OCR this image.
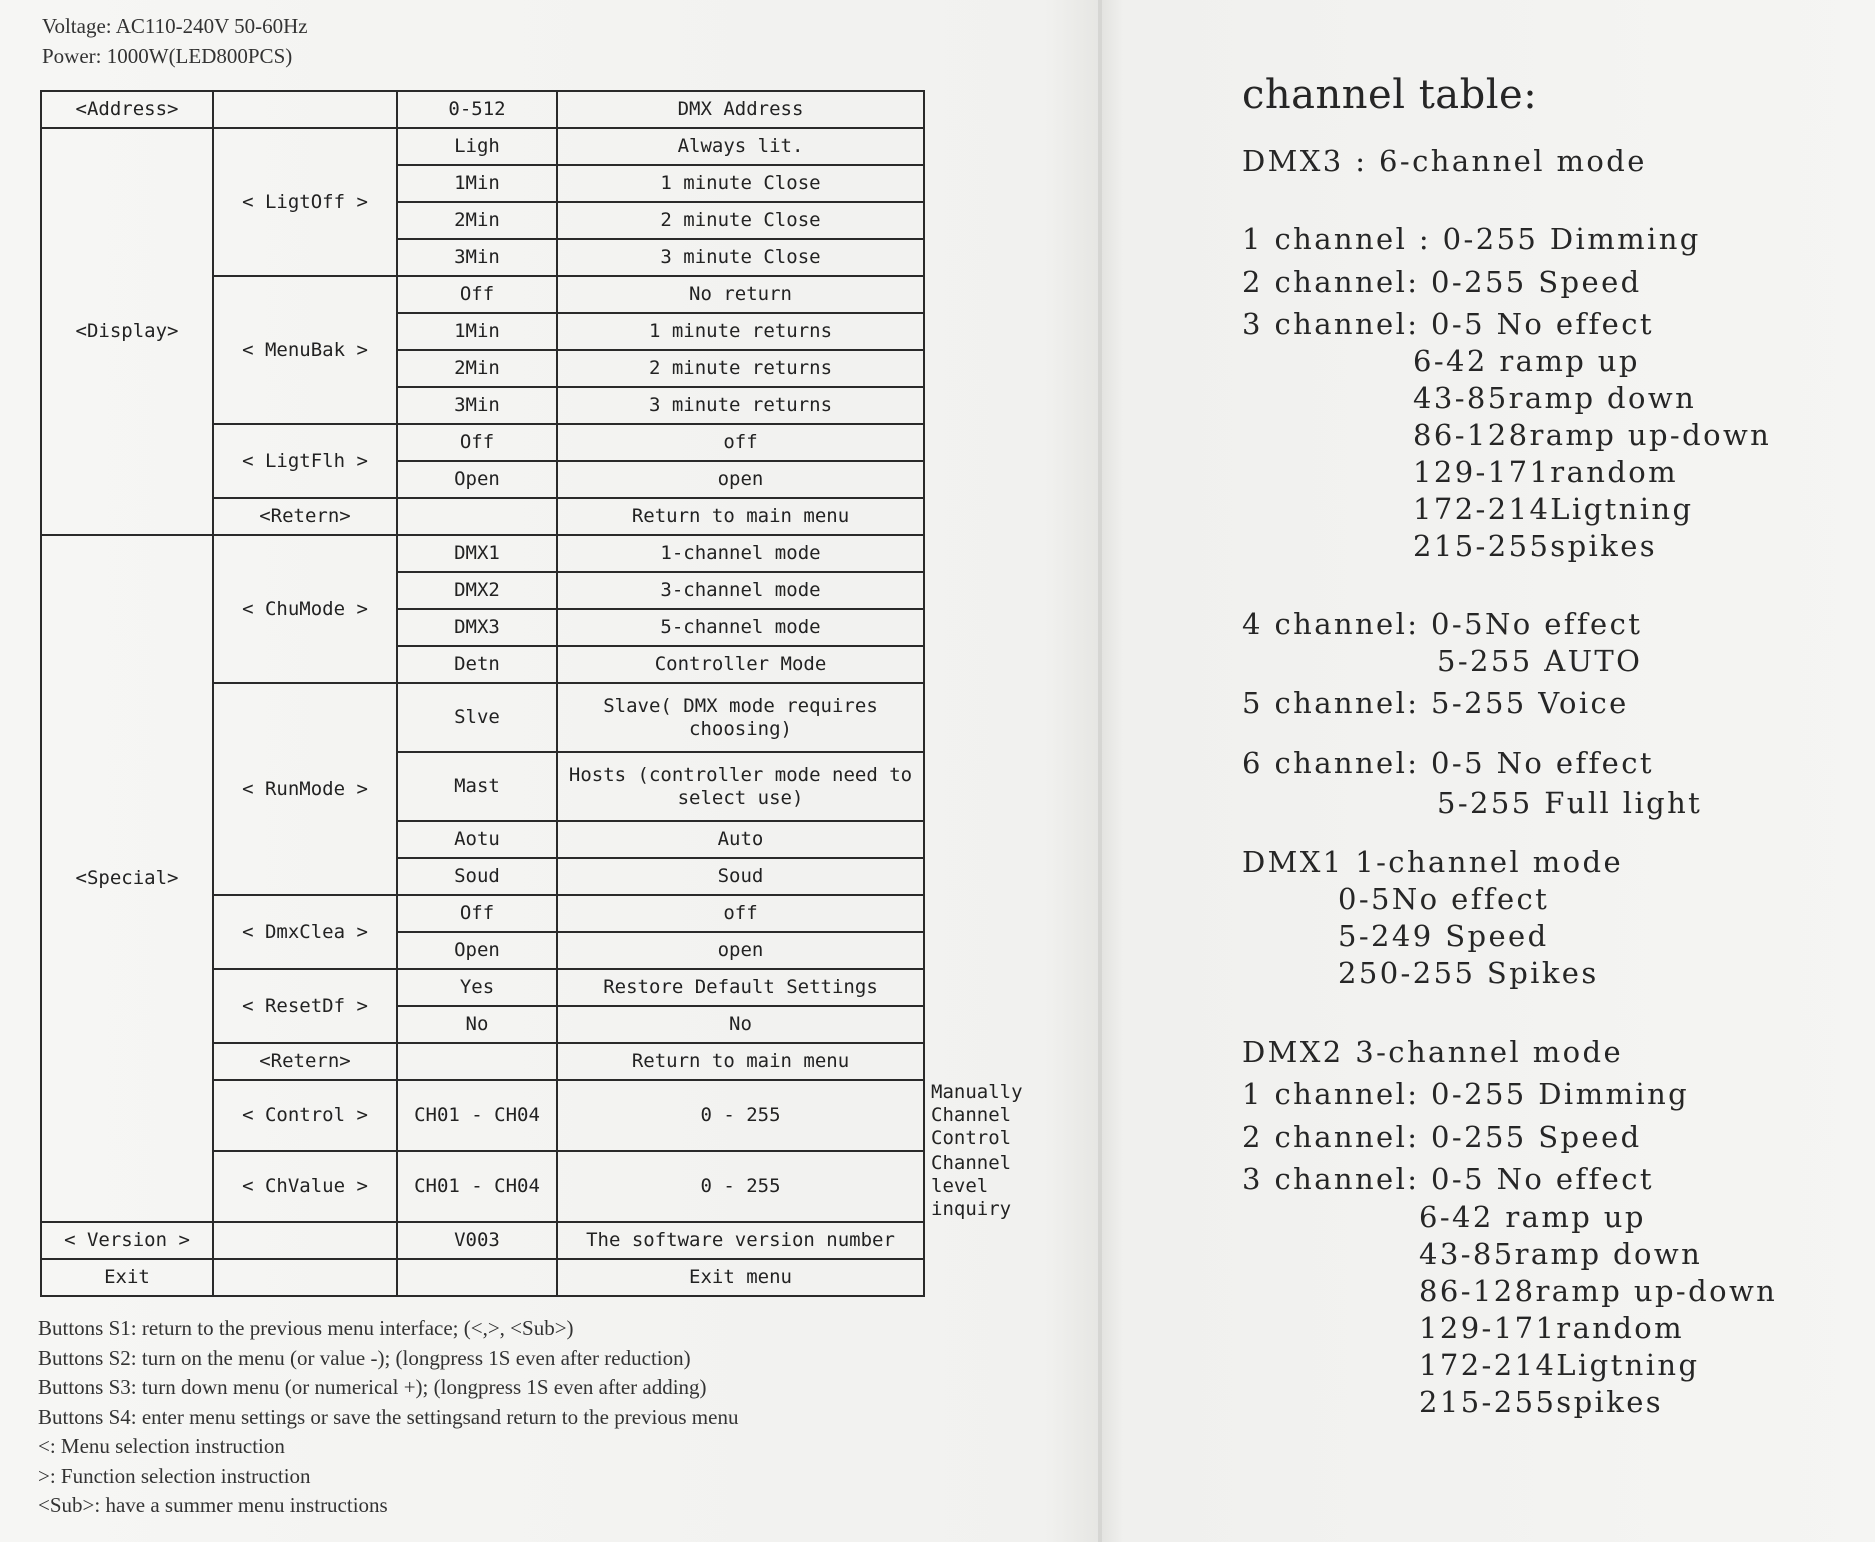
Voltage: AC110-240V 50-60Hz
Power: 1000W(LED800PCS)
<Address>		0-512	DMX Address	
<Display>	< LigtOff >	Ligh	Always lit.	
		1Min	1 minute Close	
		2Min	2 minute Close	
		3Min	3 minute Close	
	< MenuBak >	Off	No return	
		1Min	1 minute returns	
		2Min	2 minute returns	
		3Min	3 minute returns	
	< LigtFlh >	Off	off	
		Open	open	
	<Retern>		Return to main menu	
<Special>	< ChuMode >	DMX1	1-channel mode	
		DMX2	3-channel mode	
		DMX3	5-channel mode	
		Detn	Controller Mode	
	< RunMode >	Slve	Slave( DMX mode requires choosing)	
		Mast	Hosts (controller mode need to select use)	
		Aotu	Auto	
		Soud	Soud	
	< DmxClea >	Off	off	
		Open	open	
	< ResetDf >	Yes	Restore Default Settings	
		No	No	
	<Retern>		Return to main menu	
	< Control >	CH01 - CH04	0 - 255	
	< ChValue >	CH01 - CH04	0 - 255	
< Version >		V003	The software version number	
Exit			Exit menu	
Buttons S1: return to the previous menu interface; (<,>, <Sub>)
Buttons S2: turn on the menu (or value -); (longpress 1S even after reduction)
Buttons S3: turn down menu (or numerical +); (longpress 1S even after adding)
Buttons S4: enter menu settings or save the settingsand return to the previous menu
<: Menu selection instruction
>: Function selection instruction
<Sub>: have a summer menu instructions
channel table:
DMX3 : 6-channel mode
1 channel : 0-255 Dimming
2 channel: 0-255 Speed
3 channel: 0-5 No effect
6-42 ramp up
43-85ramp down
86-128ramp up-down
129-171random
172-214Ligtning
215-255spikes
4 channel: 0-5No effect
5-255 AUTO
5 channel: 5-255 Voice
6 channel: 0-5 No effect
5-255 Full light
DMX1 1-channel mode
0-5No effect
5-249 Speed
250-255 Spikes
DMX2 3-channel mode
1 channel: 0-255 Dimming
2 channel: 0-255 Speed
3 channel: 0-5 No effect
6-42 ramp up
43-85ramp down
86-128ramp up-down
129-171random
172-214Ligtning
215-255spikes
